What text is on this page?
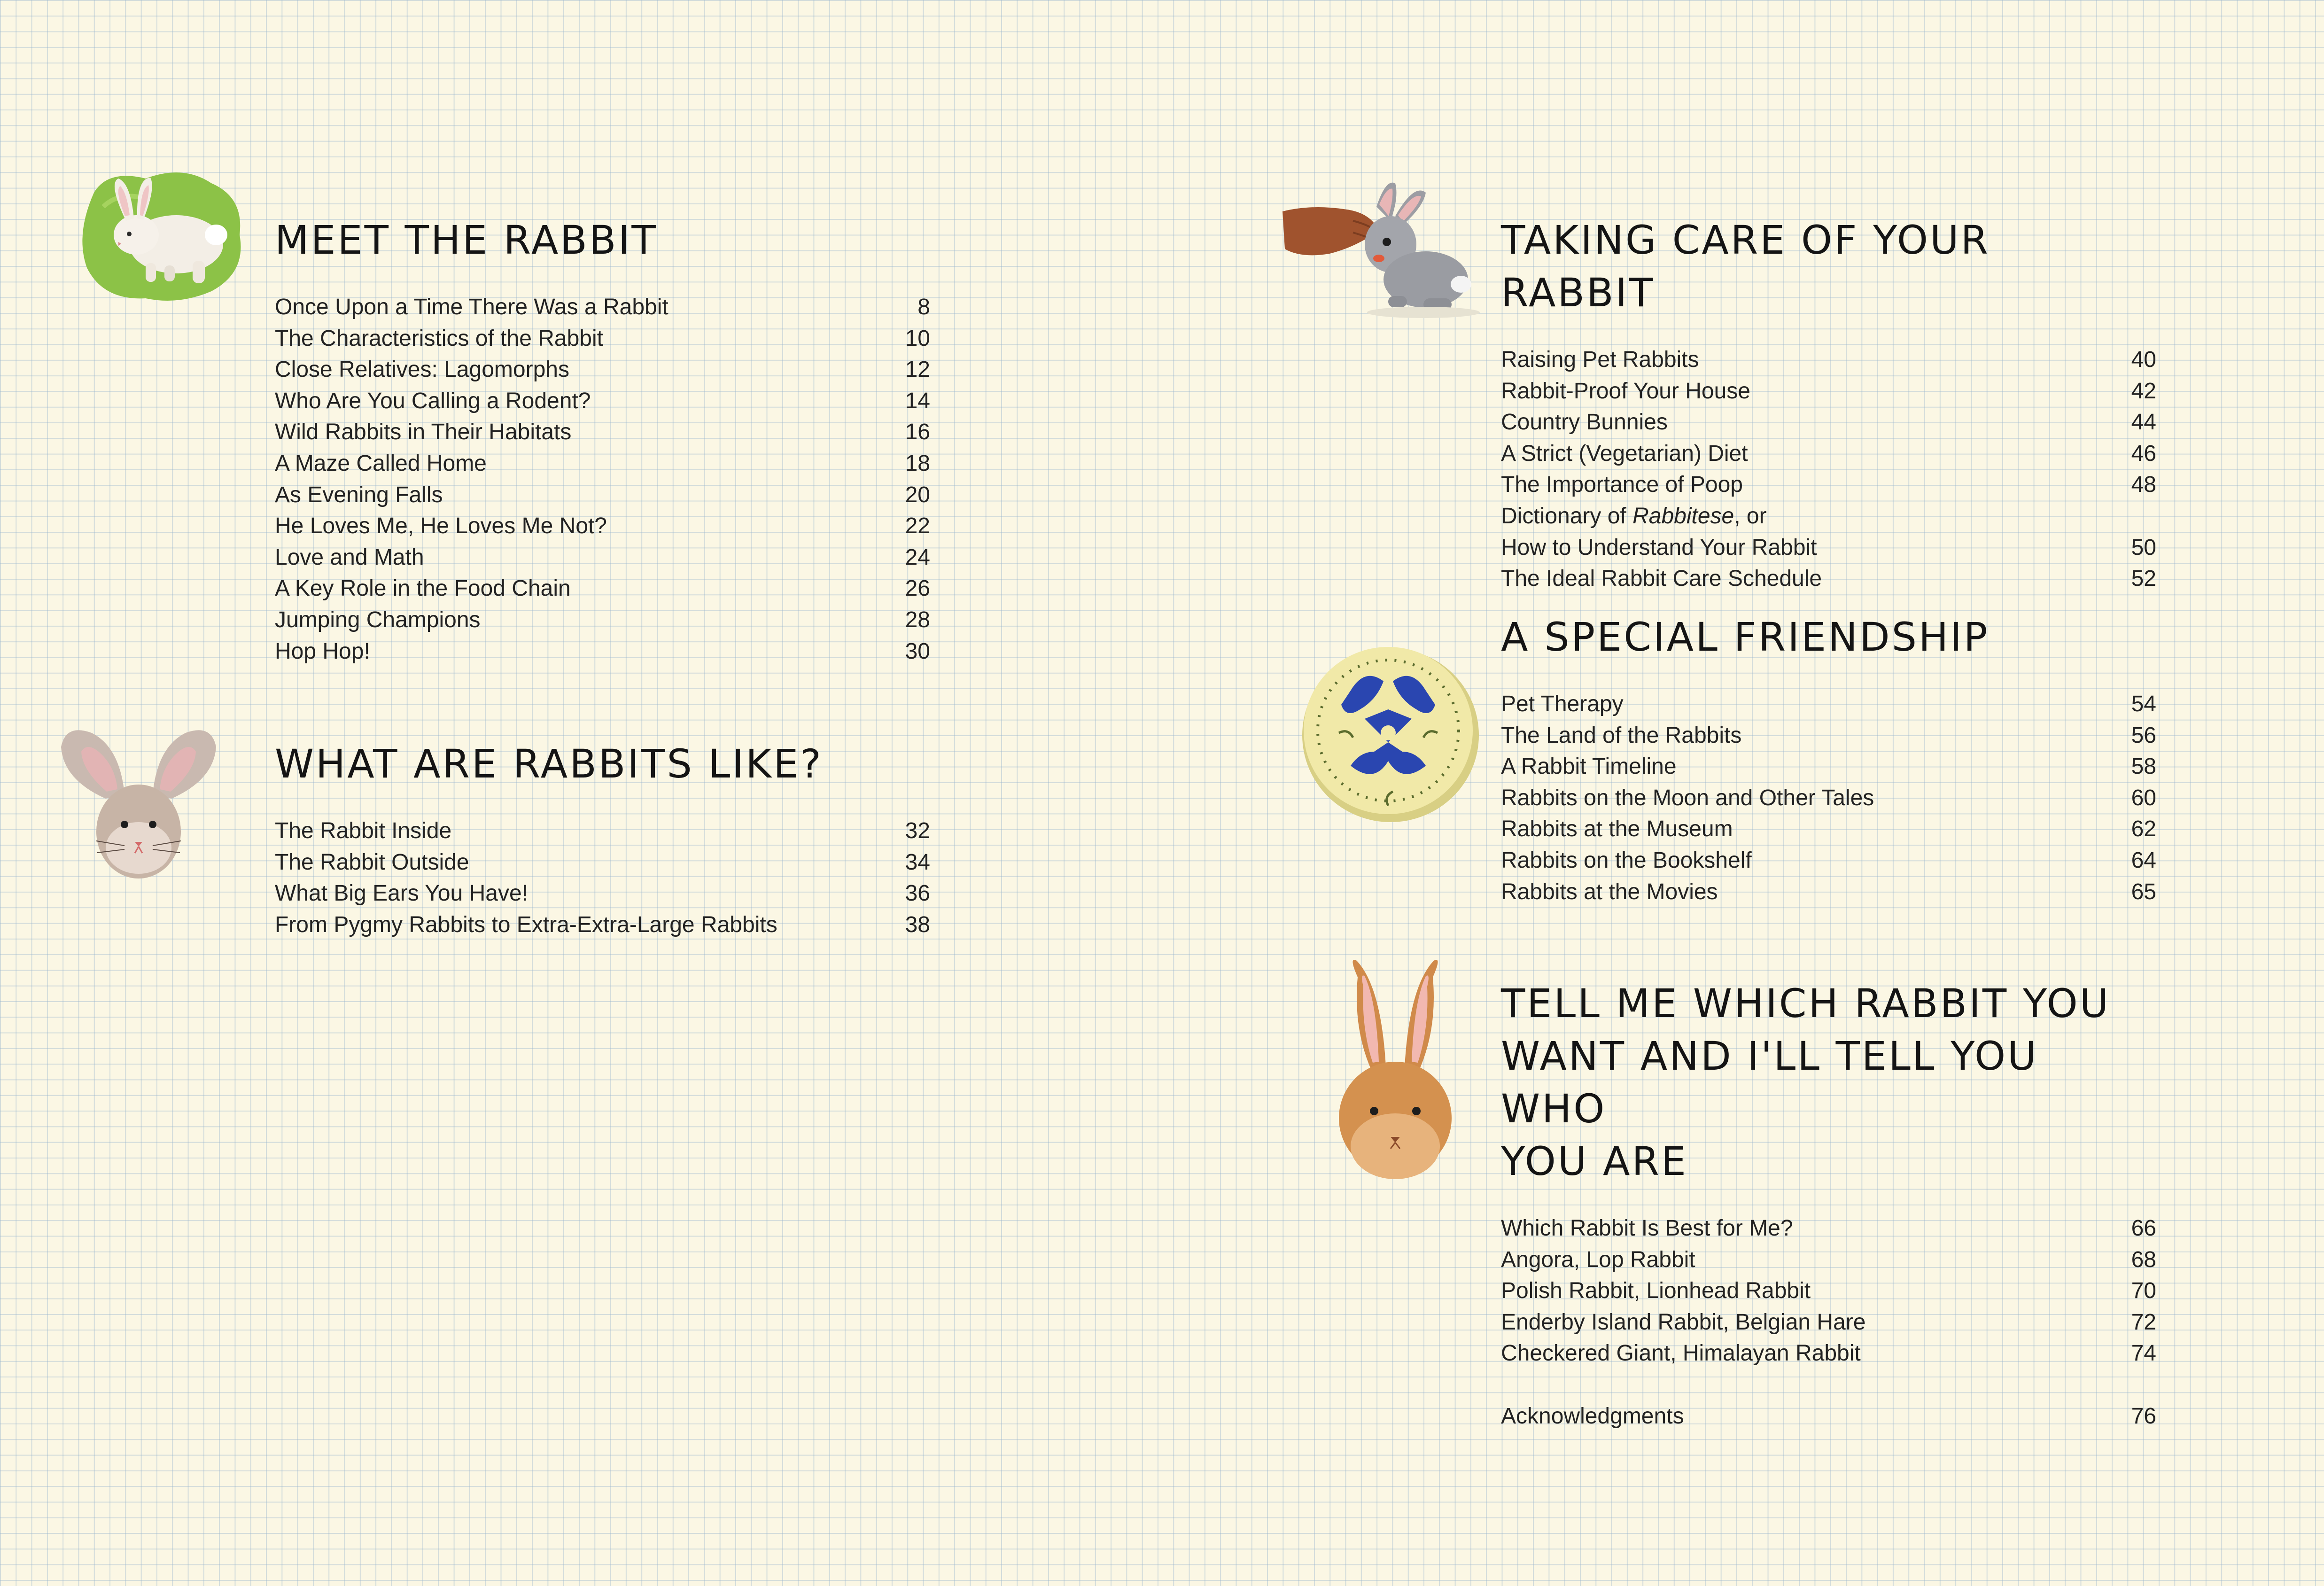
MEET THE RABBIT
Once Upon a Time There Was a Rabbit	8
The Characteristics of the Rabbit	10
Close Relatives: Lagomorphs	12
Who Are You Calling a Rodent?	14
Wild Rabbits in Their Habitats	16
A Maze Called Home	18
As Evening Falls	20
He Loves Me, He Loves Me Not?	22
Love and Math	24
A Key Role in the Food Chain	26
Jumping Champions	28
Hop Hop!	30
WHAT ARE RABBITS LIKE?
The Rabbit Inside	32
The Rabbit Outside	34
What Big Ears You Have!	36
From Pygmy Rabbits to Extra-Extra-Large Rabbits	38
TAKING CARE OF YOUR RABBIT
Raising Pet Rabbits	40
Rabbit-Proof Your House	42
Country Bunnies	44
A Strict (Vegetarian) Diet	46
The Importance of Poop	48
Dictionary of Rabbitese, or
How to Understand Your Rabbit	50
The Ideal Rabbit Care Schedule	52
A SPECIAL FRIENDSHIP
Pet Therapy	54
The Land of the Rabbits	56
A Rabbit Timeline	58
Rabbits on the Moon and Other Tales	60
Rabbits at the Museum	62
Rabbits on the Bookshelf	64
Rabbits at the Movies	65
TELL ME WHICH RABBIT YOU
WANT AND I'LL TELL YOU WHO
YOU ARE
Which Rabbit Is Best for Me?	66
Angora, Lop Rabbit	68
Polish Rabbit, Lionhead Rabbit	70
Enderby Island Rabbit, Belgian Hare	72
Checkered Giant, Himalayan Rabbit	74
Acknowledgments	76
